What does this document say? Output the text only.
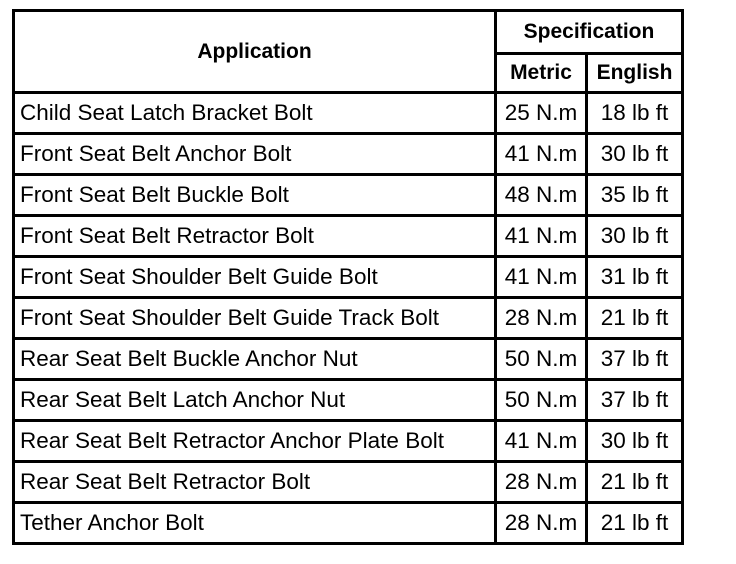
Application	Specification	
	Metric	English
Child Seat Latch Bracket Bolt	25 N.m	18 lb ft
Front Seat Belt Anchor Bolt	41 N.m	30 lb ft
Front Seat Belt Buckle Bolt	48 N.m	35 lb ft
Front Seat Belt Retractor Bolt	41 N.m	30 lb ft
Front Seat Shoulder Belt Guide Bolt	41 N.m	31 lb ft
Front Seat Shoulder Belt Guide Track Bolt	28 N.m	21 lb ft
Rear Seat Belt Buckle Anchor Nut	50 N.m	37 lb ft
Rear Seat Belt Latch Anchor Nut	50 N.m	37 lb ft
Rear Seat Belt Retractor Anchor Plate Bolt	41 N.m	30 lb ft
Rear Seat Belt Retractor Bolt	28 N.m	21 lb ft
Tether Anchor Bolt	28 N.m	21 lb ft
